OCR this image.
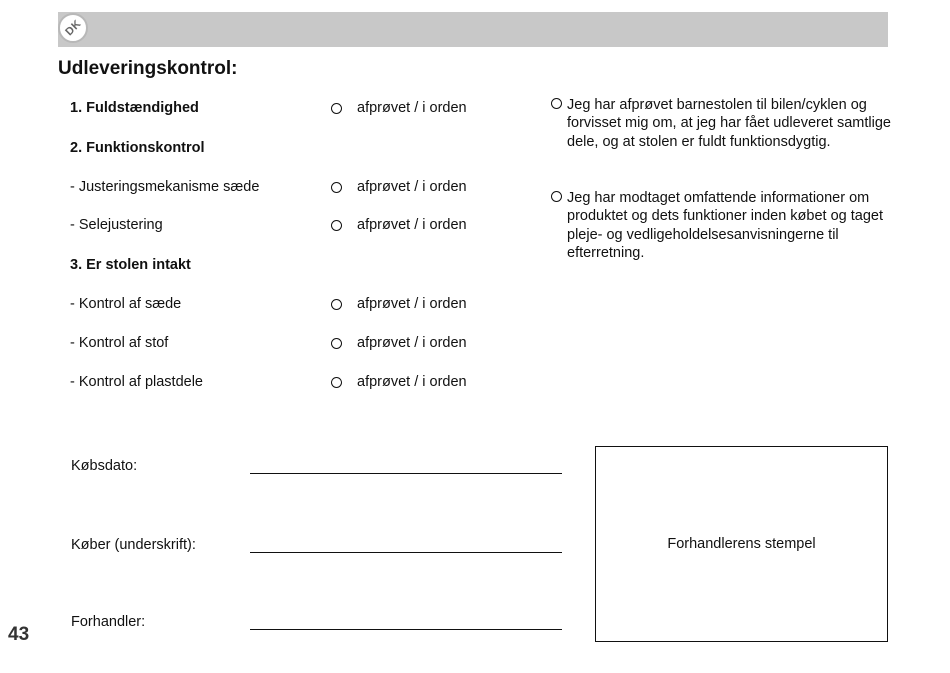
DK
Udleveringskontrol:
1. Fuldstændighed	afprøvet / i orden
2. Funktionskontrol
- Justeringsmekanisme sæde	afprøvet / i orden
- Selejustering	afprøvet / i orden
3. Er stolen intakt
- Kontrol af sæde	afprøvet / i orden
- Kontrol af stof	afprøvet / i orden
- Kontrol af plastdele	afprøvet / i orden
Jeg har afprøvet barnestolen til bilen/cyklen og forvisset mig om, at jeg har fået udleveret samtlige dele, og at stolen er fuldt funktionsdygtig.
Jeg har modtaget omfattende informationer om produktet og dets funktioner inden købet og taget pleje- og vedligeholdelsesanvisningerne til efterretning.
Købsdato:
Køber (underskrift):
Forhandler:
Forhandlerens stempel
43
